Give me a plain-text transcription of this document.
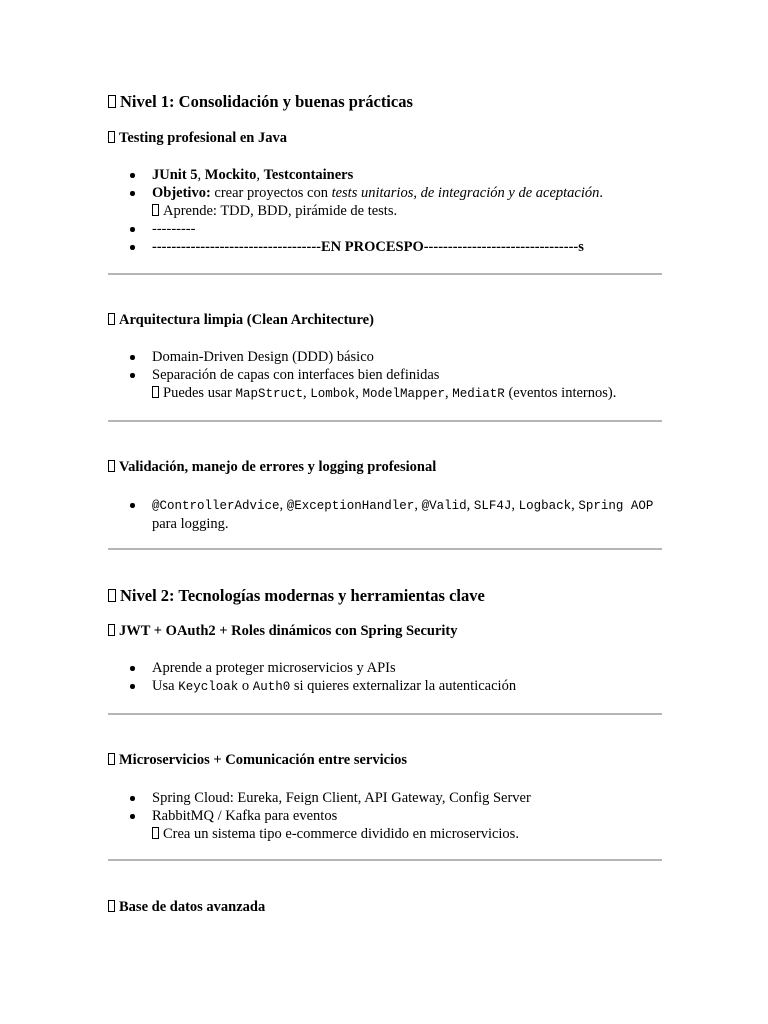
Nivel 1: Consolidación y buenas prácticas
Testing profesional en Java
JUnit 5, Mockito, Testcontainers
Objetivo: crear proyectos con tests unitarios, de integración y de aceptación.
Aprende: TDD, BDD, pirámide de tests.
---------
-----------------------------------EN PROCESPO--------------------------------s
Arquitectura limpia (Clean Architecture)
Domain-Driven Design (DDD) básico
Separación de capas con interfaces bien definidas
Puedes usar MapStruct, Lombok, ModelMapper, MediatR (eventos internos).
Validación, manejo de errores y logging profesional
@ControllerAdvice, @ExceptionHandler, @Valid, SLF4J, Logback, Spring AOP
para logging.
Nivel 2: Tecnologías modernas y herramientas clave
JWT + OAuth2 + Roles dinámicos con Spring Security
Aprende a proteger microservicios y APIs
Usa Keycloak o Auth0 si quieres externalizar la autenticación
Microservicios + Comunicación entre servicios
Spring Cloud: Eureka, Feign Client, API Gateway, Config Server
RabbitMQ / Kafka para eventos
Crea un sistema tipo e-commerce dividido en microservicios.
Base de datos avanzada
